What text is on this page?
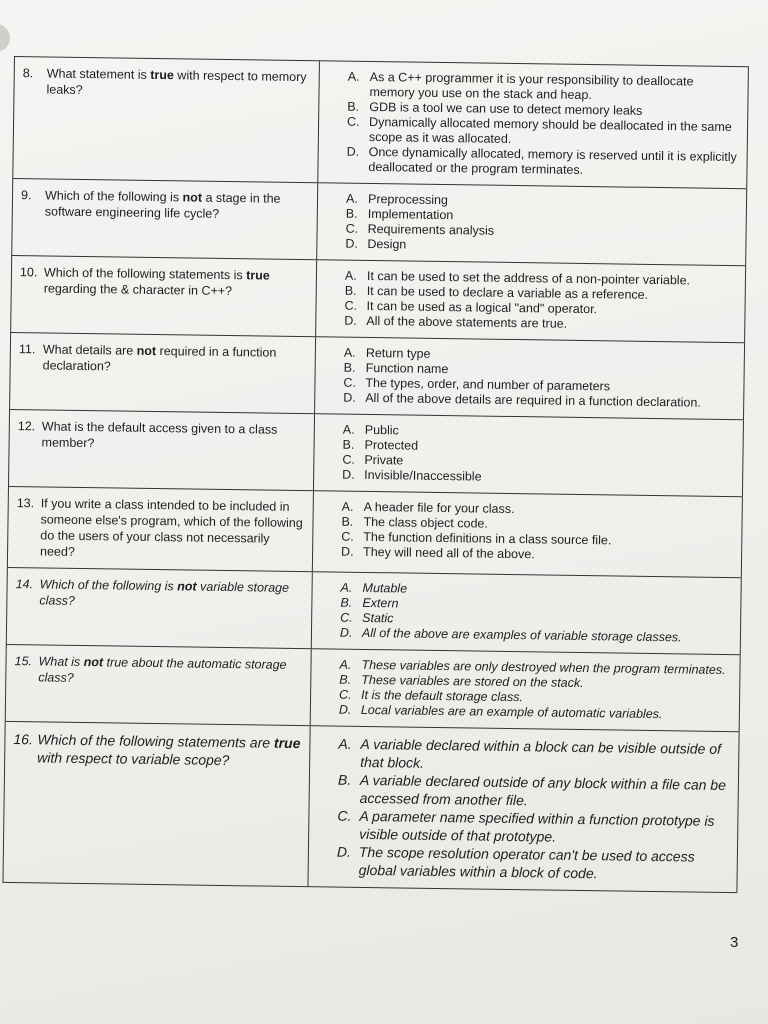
8.	What statement is true with respect to memory leaks?
A. As a C++ programmer it is your responsibility to deallocate memory you use on the stack and heap.
B. GDB is a tool we can use to detect memory leaks
C. Dynamically allocated memory should be deallocated in the same scope as it was allocated.
D. Once dynamically allocated, memory is reserved until it is explicitly deallocated or the program terminates.
9.	Which of the following is not a stage in the software engineering life cycle?
A. Preprocessing
B. Implementation
C. Requirements analysis
D. Design
10. Which of the following statements is true regarding the & character in C++?
A. It can be used to set the address of a non-pointer variable.
B. It can be used to declare a variable as a reference.
C. It can be used as a logical "and" operator.
D. All of the above statements are true.
11. What details are not required in a function declaration?
A. Return type
B. Function name
C. The types, order, and number of parameters
D. All of the above details are required in a function declaration.
12. What is the default access given to a class member?
A. Public
B. Protected
C. Private
D. Invisible/Inaccessible
13. If you write a class intended to be included in someone else's program, which of the following do the users of your class not necessarily need?
A. A header file for your class.
B. The class object code.
C. The function definitions in a class source file.
D. They will need all of the above.
14. Which of the following is not variable storage class?
A. Mutable
B. Extern
C. Static
D. All of the above are examples of variable storage classes.
15. What is not true about the automatic storage class?
A. These variables are only destroyed when the program terminates.
B. These variables are stored on the stack.
C. It is the default storage class.
D. Local variables are an example of automatic variables.
16. Which of the following statements are true with respect to variable scope?
A. A variable declared within a block can be visible outside of that block.
B. A variable declared outside of any block within a file can be accessed from another file.
C. A parameter name specified within a function prototype is visible outside of that prototype.
D. The scope resolution operator can't be used to access global variables within a block of code.
3
